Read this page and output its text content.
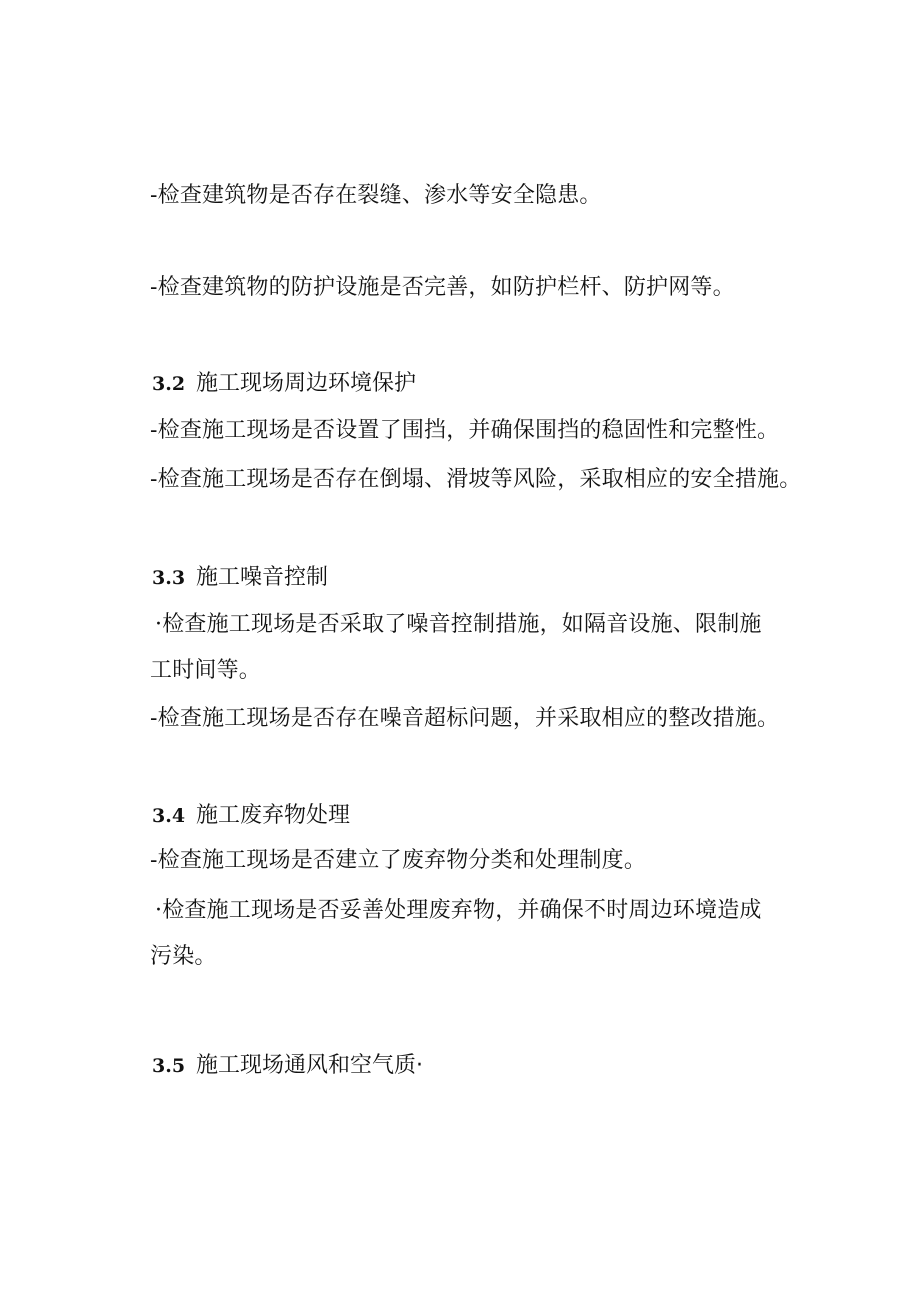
-检查建筑物是否存在裂缝、渗水等安全隐患。
-检查建筑物的防护设施是否完善，如防护栏杆、防护网等。
3.2 施工现场周边环境保护
-检查施工现场是否设置了围挡，并确保围挡的稳固性和完整性。
-检查施工现场是否存在倒塌、滑坡等风险，采取相应的安全措施。
3.3 施工噪音控制
·检查施工现场是否采取了噪音控制措施，如隔音设施、限制施
工时间等。
-检查施工现场是否存在噪音超标问题，并采取相应的整改措施。
3.4 施工废弃物处理
-检查施工现场是否建立了废弃物分类和处理制度。
·检查施工现场是否妥善处理废弃物，并确保不时周边环境造成
污染。
3.5 施工现场通风和空气质·
